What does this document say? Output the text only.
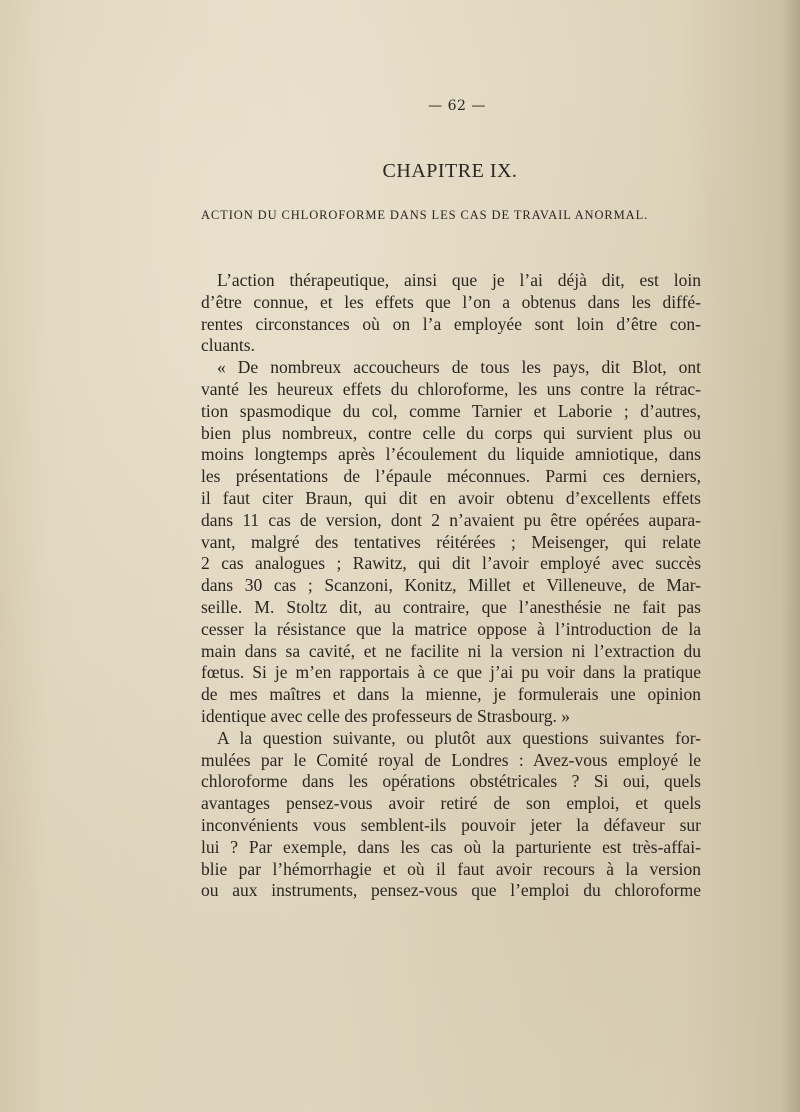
— 62 —
CHAPITRE IX.
ACTION DU CHLOROFORME DANS LES CAS DE TRAVAIL ANORMAL.
L’action thérapeutique, ainsi que je l’ai déjà dit, est loin
d’être connue, et les effets que l’on a obtenus dans les diffé-
rentes circonstances où on l’a employée sont loin d’être con-
cluants.
« De nombreux accoucheurs de tous les pays, dit Blot, ont
vanté les heureux effets du chloroforme, les uns contre la rétrac-
tion spasmodique du col, comme Tarnier et Laborie ; d’autres,
bien plus nombreux, contre celle du corps qui survient plus ou
moins longtemps après l’écoulement du liquide amniotique, dans
les présentations de l’épaule méconnues. Parmi ces derniers,
il faut citer Braun, qui dit en avoir obtenu d’excellents effets
dans 11 cas de version, dont 2 n’avaient pu être opérées aupara-
vant, malgré des tentatives réitérées ; Meisenger, qui relate
2 cas analogues ; Rawitz, qui dit l’avoir employé avec succès
dans 30 cas ; Scanzoni, Konitz, Millet et Villeneuve, de Mar-
seille. M. Stoltz dit, au contraire, que l’anesthésie ne fait pas
cesser la résistance que la matrice oppose à l’introduction de la
main dans sa cavité, et ne facilite ni la version ni l’extraction du
fœtus. Si je m’en rapportais à ce que j’ai pu voir dans la pratique
de mes maîtres et dans la mienne, je formulerais une opinion
identique avec celle des professeurs de Strasbourg. »
A la question suivante, ou plutôt aux questions suivantes for-
mulées par le Comité royal de Londres : Avez-vous employé le
chloroforme dans les opérations obstétricales ? Si oui, quels
avantages pensez-vous avoir retiré de son emploi, et quels
inconvénients vous semblent-ils pouvoir jeter la défaveur sur
lui ? Par exemple, dans les cas où la parturiente est très-affai-
blie par l’hémorrhagie et où il faut avoir recours à la version
ou aux instruments, pensez-vous que l’emploi du chloroforme
